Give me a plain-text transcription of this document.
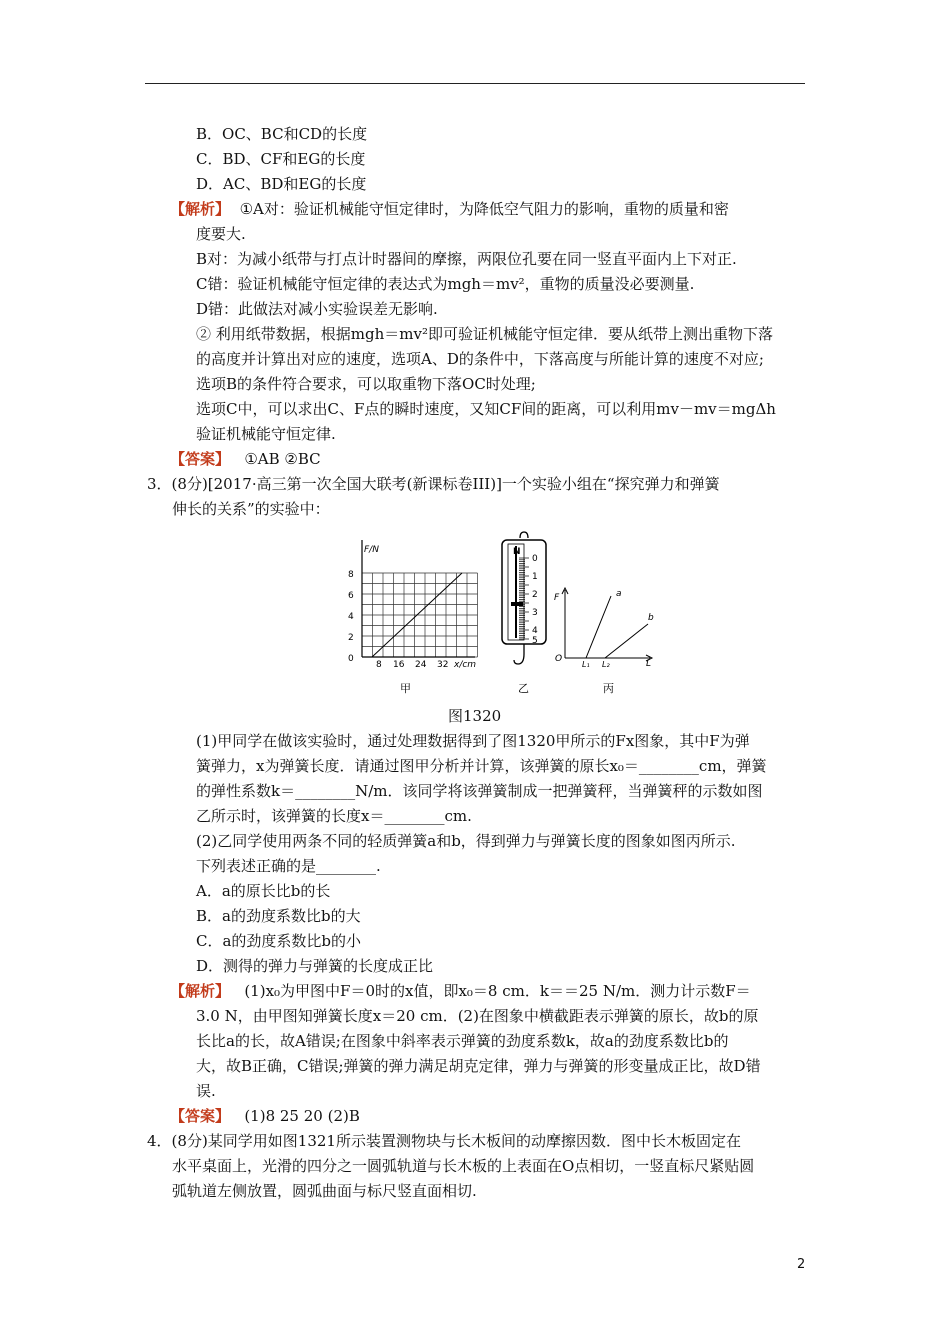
B．OC、BC和CD的长度
C．BD、CF和EG的长度
D．AC、BD和EG的长度
【解析】 ①A对：验证机械能守恒定律时，为降低空气阻力的影响，重物的质量和密
度要大.
B对：为减小纸带与打点计时器间的摩擦，两限位孔要在同一竖直平面内上下对正.
C错：验证机械能守恒定律的表达式为mgh＝mv²，重物的质量没必要测量.
D错：此做法对减小实验误差无影响.
② 利用纸带数据，根据mgh＝mv²即可验证机械能守恒定律．要从纸带上测出重物下落
的高度并计算出对应的速度，选项A、D的条件中，下落高度与所能计算的速度不对应;
选项B的条件符合要求，可以取重物下落OC时处理;
选项C中，可以求出C、F点的瞬时速度，又知CF间的距离，可以利用mv－mv＝mgΔh
验证机械能守恒定律.
【答案】 ①AB ②BC
3．(8分)[2017·高三第一次全国大联考(新课标卷III)]一个实验小组在“探究弹力和弹簧
伸长的关系”的实验中：
F/N
x/cm
0
2
4
6
8
8 16 24 32
甲
N
0
1
2
3
4
5
乙
F
O	L
L₁ L₂
a
b
丙
图1320
(1)甲同学在做该实验时，通过处理数据得到了图1320甲所示的Fx图象，其中F为弹
簧弹力，x为弹簧长度．请通过图甲分析并计算，该弹簧的原长x₀＝________cm，弹簧
的弹性系数k＝________N/m．该同学将该弹簧制成一把弹簧秤，当弹簧秤的示数如图
乙所示时，该弹簧的长度x＝________cm.
(2)乙同学使用两条不同的轻质弹簧a和b，得到弹力与弹簧长度的图象如图丙所示.
下列表述正确的是________.
A．a的原长比b的长
B．a的劲度系数比b的大
C．a的劲度系数比b的小
D．测得的弹力与弹簧的长度成正比
【解析】 (1)x₀为甲图中F＝0时的x值，即x₀＝8 cm．k＝＝25 N/m．测力计示数F＝
3.0 N，由甲图知弹簧长度x＝20 cm．(2)在图象中横截距表示弹簧的原长，故b的原
长比a的长，故A错误;在图象中斜率表示弹簧的劲度系数k，故a的劲度系数比b的
大，故B正确，C错误;弹簧的弹力满足胡克定律，弹力与弹簧的形变量成正比，故D错
误.
【答案】 (1)8 25 20 (2)B
4．(8分)某同学用如图1321所示装置测物块与长木板间的动摩擦因数．图中长木板固定在
水平桌面上，光滑的四分之一圆弧轨道与长木板的上表面在O点相切，一竖直标尺紧贴圆
弧轨道左侧放置，圆弧曲面与标尺竖直面相切.
2
